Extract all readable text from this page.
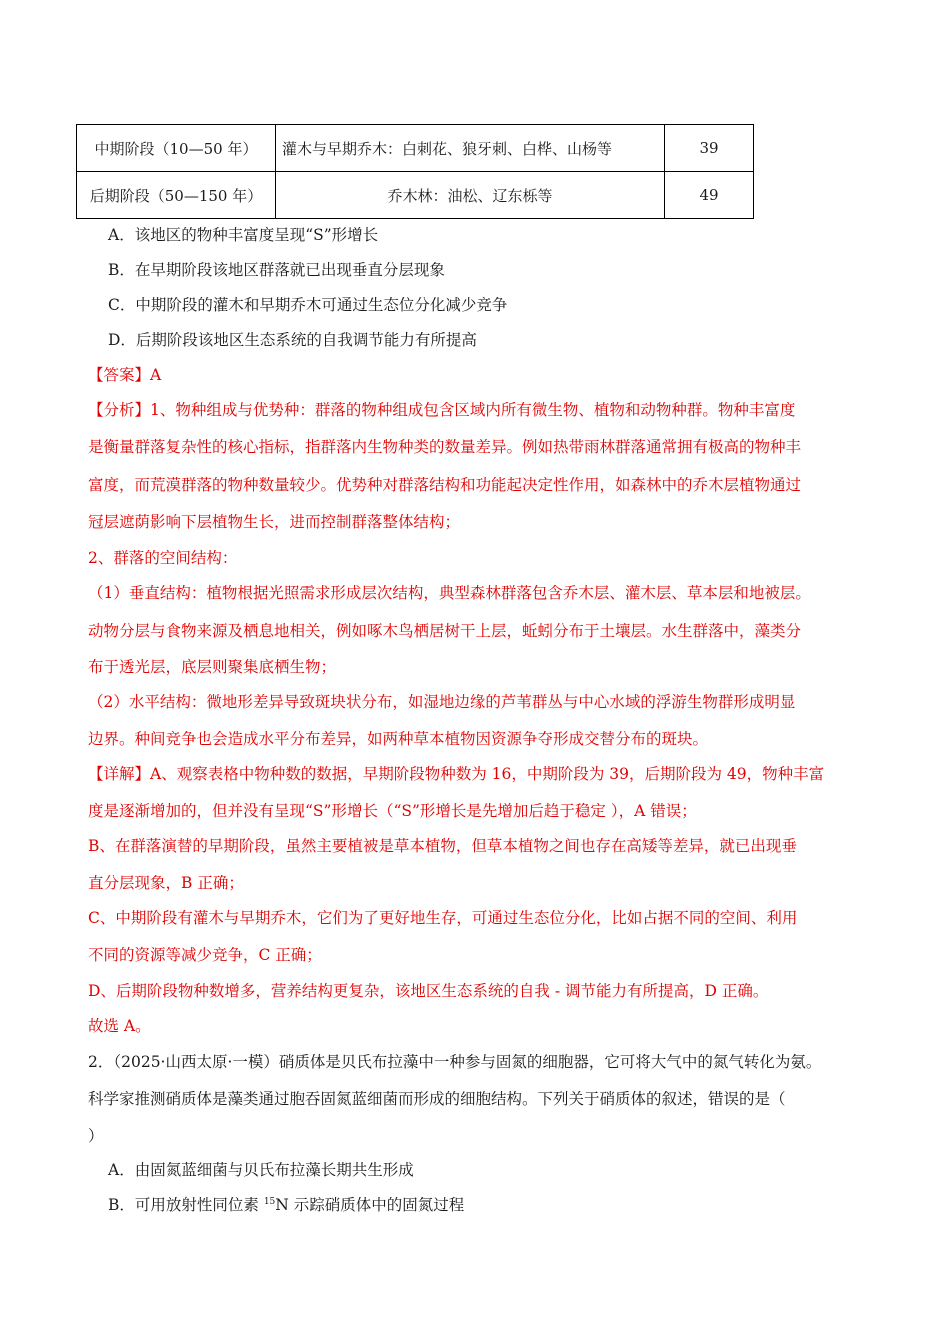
中期阶段（10—50 年）	灌木与早期乔木：白刺花、狼牙刺、白桦、山杨等	39
后期阶段（50—150 年）	乔木林：油松、辽东栎等	49
A．该地区的物种丰富度呈现“S”形增长
B．在早期阶段该地区群落就已出现垂直分层现象
C．中期阶段的灌木和早期乔木可通过生态位分化减少竞争
D．后期阶段该地区生态系统的自我调节能力有所提高
【答案】A
【分析】1、物种组成与优势种：群落的物种组成包含区域内所有微生物、植物和动物种群。物种丰富度
是衡量群落复杂性的核心指标，指群落内生物种类的数量差异。例如热带雨林群落通常拥有极高的物种丰
富度，而荒漠群落的物种数量较少。优势种对群落结构和功能起决定性作用，如森林中的乔木层植物通过
冠层遮荫影响下层植物生长，进而控制群落整体结构；
2、群落的空间结构：
（1）垂直结构：植物根据光照需求形成层次结构，典型森林群落包含乔木层、灌木层、草本层和地被层。
动物分层与食物来源及栖息地相关，例如啄木鸟栖居树干上层，蚯蚓分布于土壤层。水生群落中，藻类分
布于透光层，底层则聚集底栖生物；
（2）水平结构：微地形差异导致斑块状分布，如湿地边缘的芦苇群丛与中心水域的浮游生物群形成明显
边界。种间竞争也会造成水平分布差异，如两种草本植物因资源争夺形成交替分布的斑块。
【详解】A、观察表格中物种数的数据，早期阶段物种数为 16，中期阶段为 39，后期阶段为 49，物种丰富
度是逐渐增加的，但并没有呈现“S”形增长（“S”形增长是先增加后趋于稳定 ），A 错误；
B、在群落演替的早期阶段，虽然主要植被是草本植物，但草本植物之间也存在高矮等差异，就已出现垂
直分层现象，B 正确；
C、中期阶段有灌木与早期乔木，它们为了更好地生存，可通过生态位分化，比如占据不同的空间、利用
不同的资源等减少竞争，C 正确；
D、后期阶段物种数增多，营养结构更复杂，该地区生态系统的自我 - 调节能力有所提高，D 正确。
故选 A。
2．（2025·山西太原·一模）硝质体是贝氏布拉藻中一种参与固氮的细胞器，它可将大气中的氮气转化为氨。
科学家推测硝质体是藻类通过胞吞固氮蓝细菌而形成的细胞结构。下列关于硝质体的叙述，错误的是（
）
A．由固氮蓝细菌与贝氏布拉藻长期共生形成
B．可用放射性同位素 $^{15}$N 示踪硝质体中的固氮过程
